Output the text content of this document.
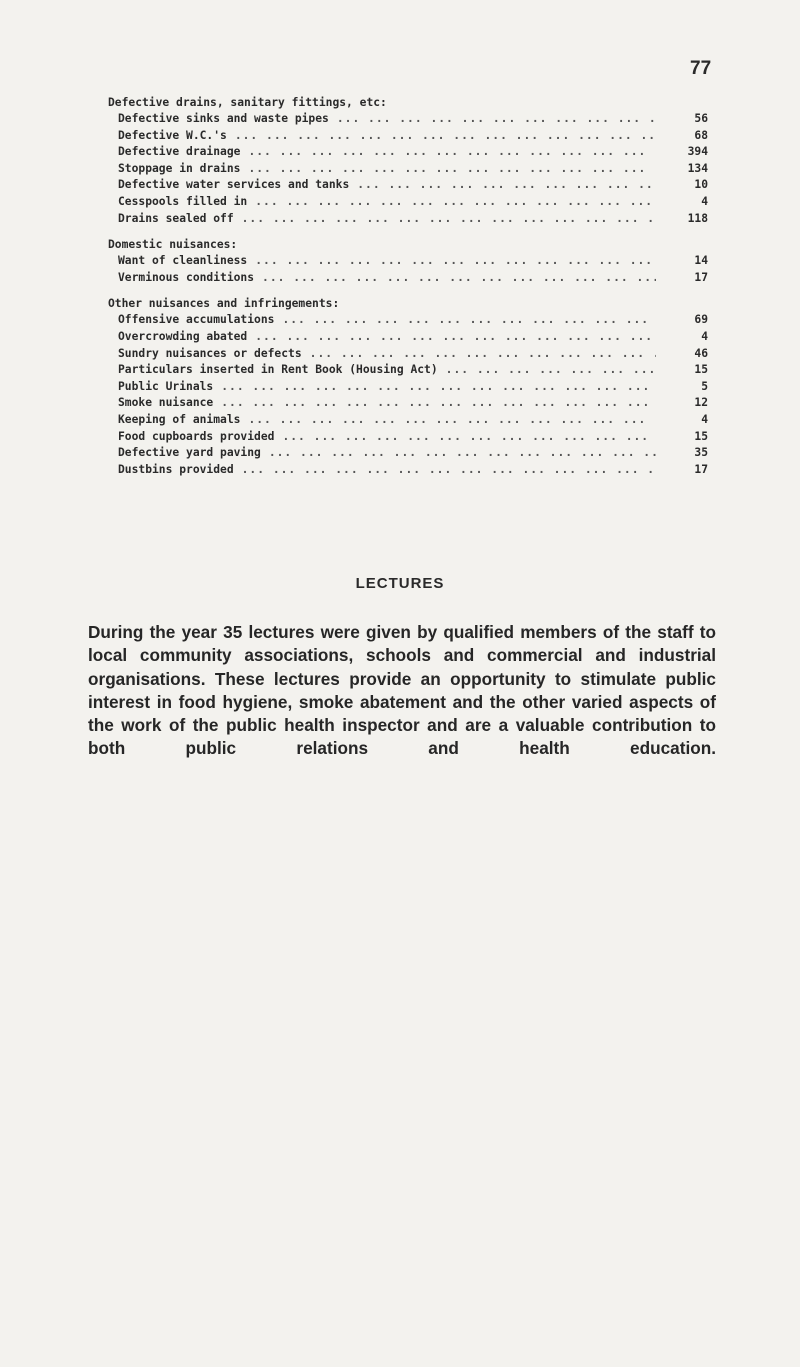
77
Defective drains, sanitary fittings, etc:
Defective sinks and waste pipes ... .	56
Defective W.C.'s ... .	68
Defective drainage ... .	394
Stoppage in drains ... .	134
Defective water services and tanks ... .	10
Cesspools filled in ... .	4
Drains sealed off ... .	118
Domestic nuisances:
Want of cleanliness ... .	14
Verminous conditions ... .	17
Other nuisances and infringements:
Offensive accumulations ... .	69
Overcrowding abated ... .	4
Sundry nuisances or defects ... .	46
Particulars inserted in Rent Book (Housing Act) ... .	15
Public Urinals ... .	5
Smoke nuisance ... .	12
Keeping of animals ... .	4
Food cupboards provided ... .	15
Defective yard paving ... .	35
Dustbins provided ... .	17
LECTURES
During the year 35 lectures were given by qualified members of the staff to local community associations, schools and commercial and industrial organisations. These lectures provide an opportunity to stimulate public interest in food hygiene, smoke abatement and the other varied aspects of the work of the public health inspector and are a valuable contribution to both public relations and health education.
